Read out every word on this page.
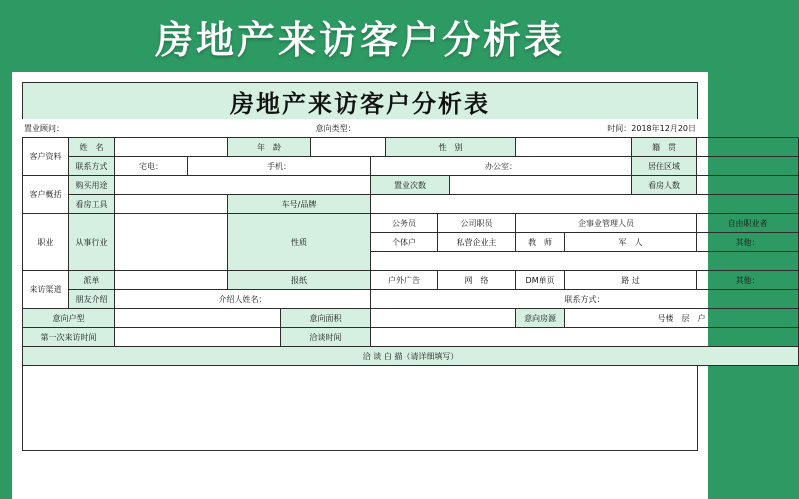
房地产来访客户分析表
房地产来访客户分析表
置业顾问：	意向类型：	时间：2018年12月20日
客户资料	姓　名			年　龄				性　别					籍　贯	
	联系方式	宅电：	手机：				办公室：						居住区域	
客户概括	购买用途						置业次数						看房人数	
	看房工具			车号/品牌										
职业	从事行业			性质			公务员		公司职员		企事业管理人员			自由职业者
							个体户		私营企业主		教　师	军　人		其他：

来访渠道	派单			报纸			户外广告		网　络		DM单页	路 过		其他：
	朋友介绍	介绍人姓名：					联系方式：							
意向户型					意向面积						意向房源	号楼　层　户		
第一次来访时间					洽谈时间									
洽 谈 白 描（请详细填写）														
